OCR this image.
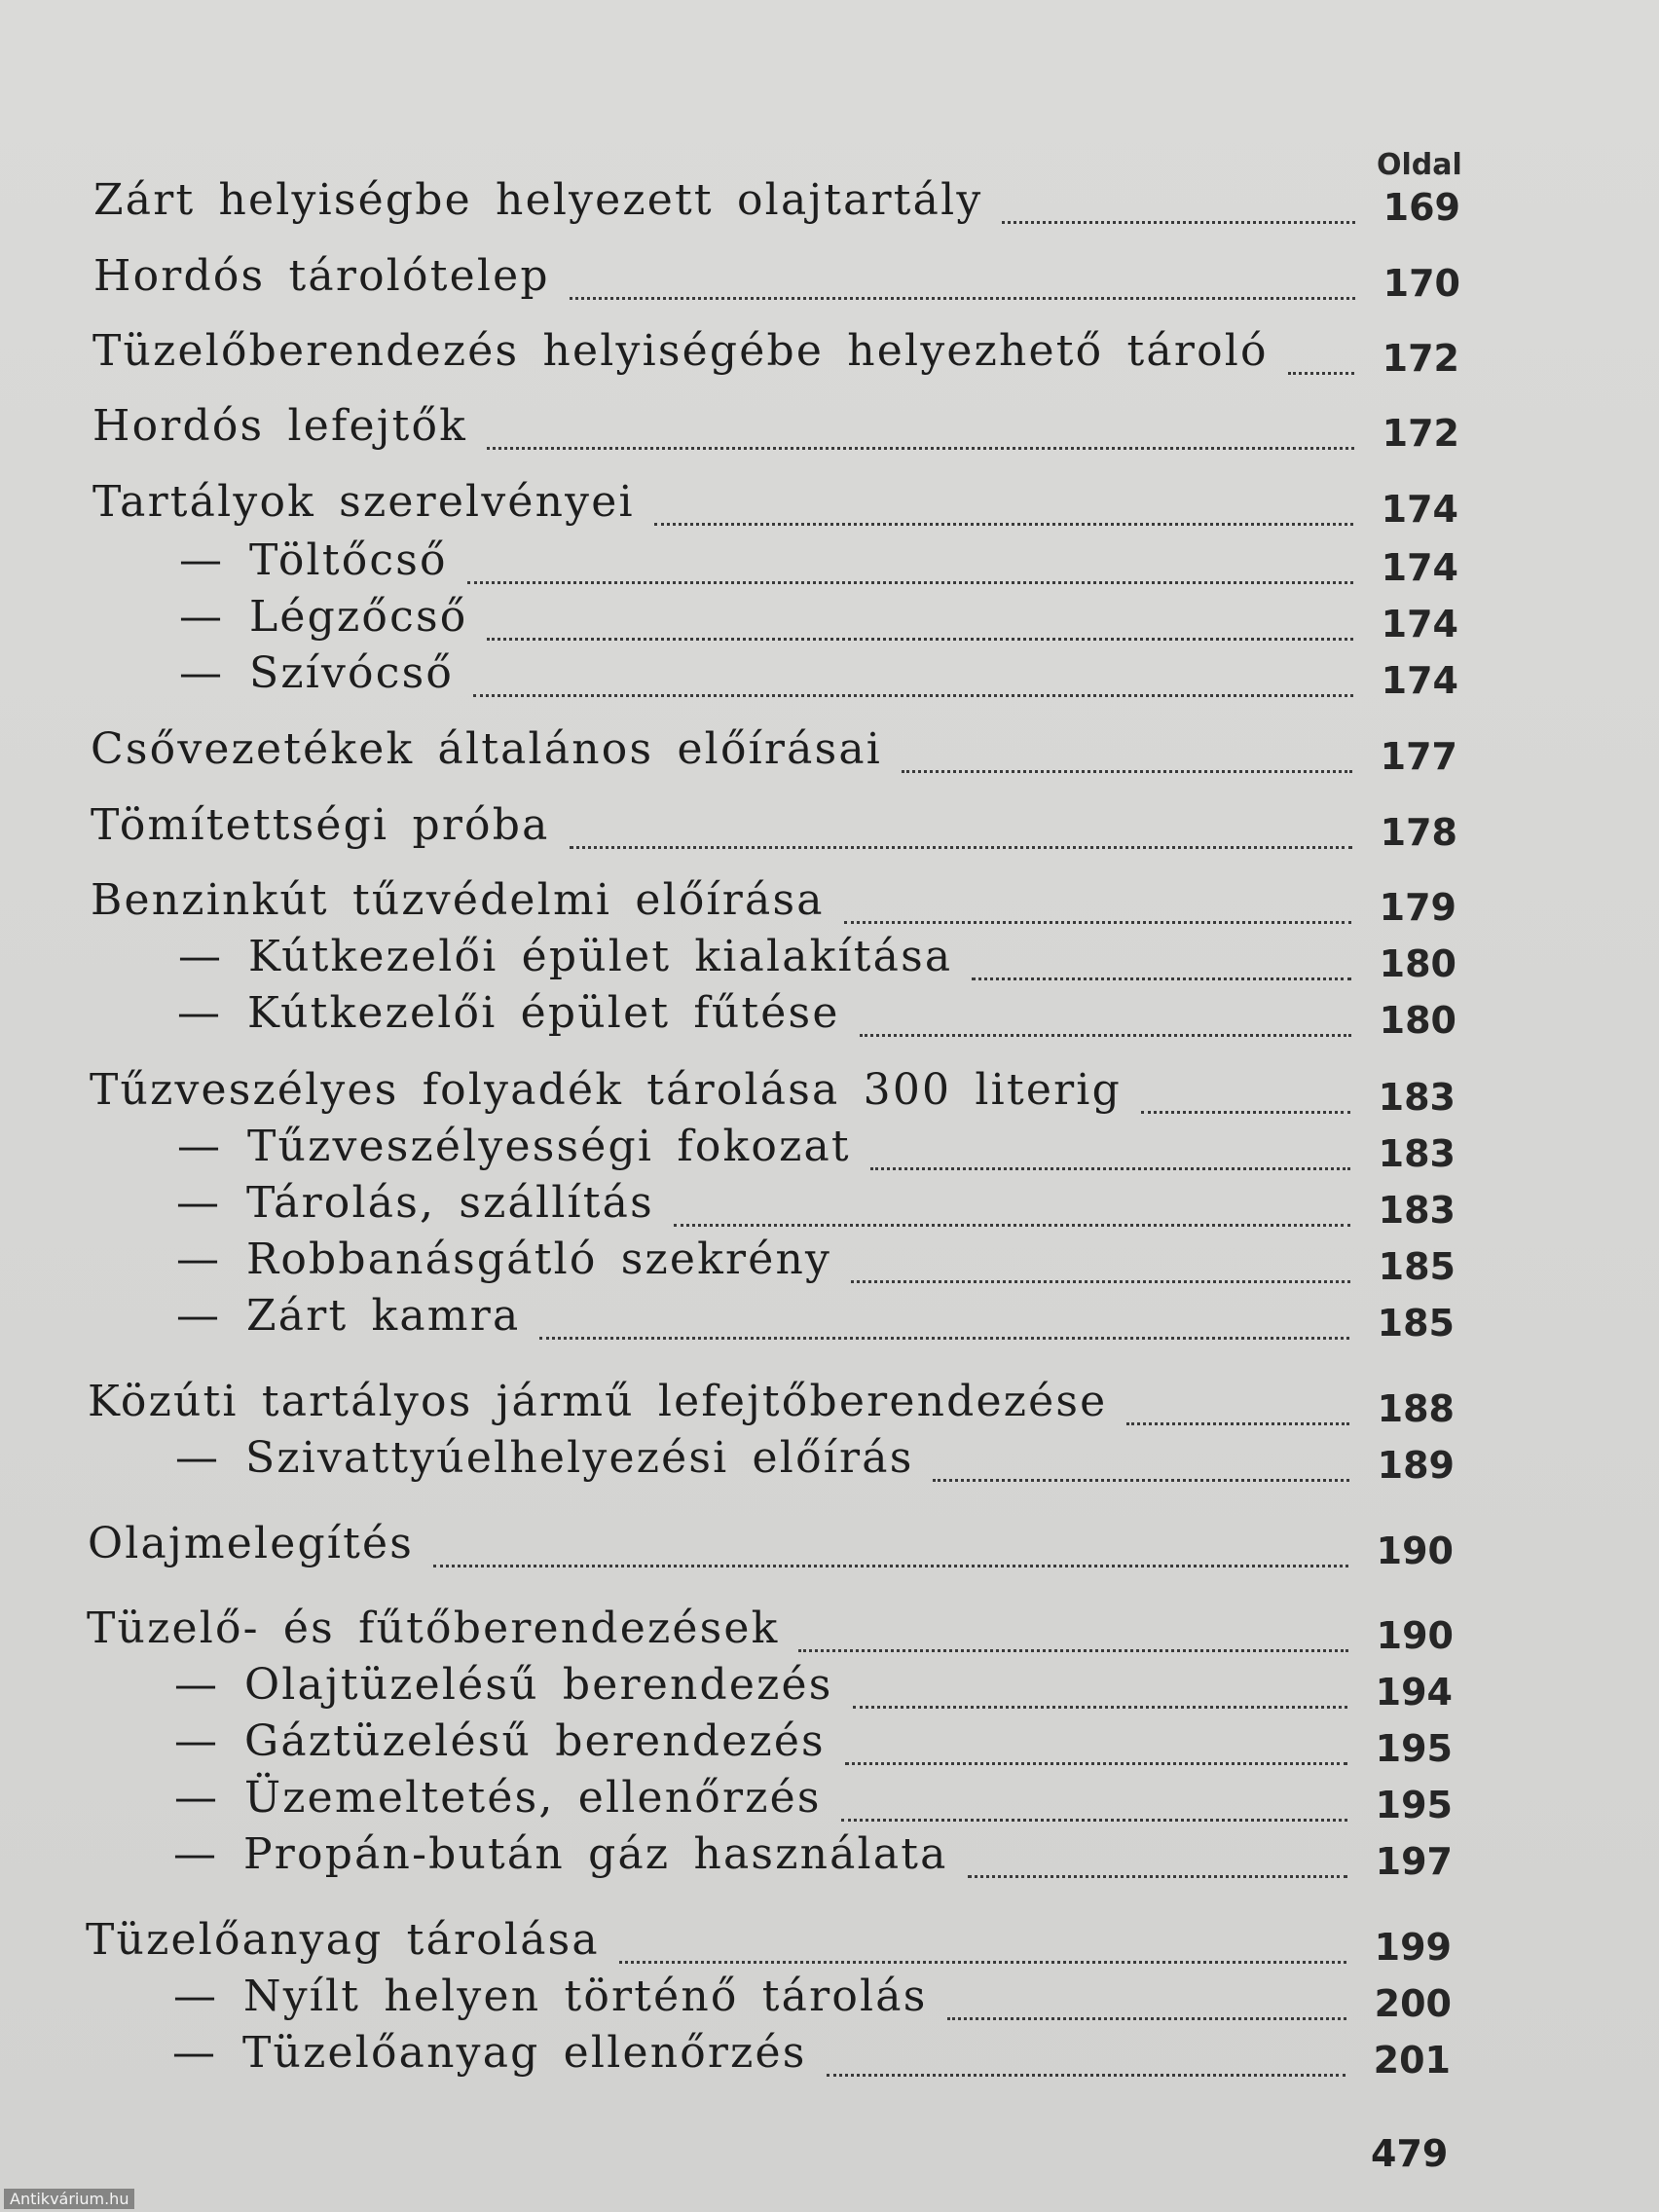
Oldal
Zárt helyiségbe helyezett olajtartály	169
Hordós tárolótelep	170
Tüzelőberendezés helyiségébe helyezhető tároló	172
Hordós lefejtők	172
Tartályok szerelvényei	174
— Töltőcső	174
— Légzőcső	174
— Szívócső	174
Csővezetékek általános előírásai	177
Tömítettségi próba	178
Benzinkút tűzvédelmi előírása	179
— Kútkezelői épület kialakítása	180
— Kútkezelői épület fűtése	180
Tűzveszélyes folyadék tárolása 300 literig	183
— Tűzveszélyességi fokozat	183
— Tárolás, szállítás	183
— Robbanásgátló szekrény	185
— Zárt kamra	185
Közúti tartályos jármű lefejtőberendezése	188
— Szivattyúelhelyezési előírás	189
Olajmelegítés	190
Tüzelő- és fűtőberendezések	190
— Olajtüzelésű berendezés	194
— Gáztüzelésű berendezés	195
— Üzemeltetés, ellenőrzés	195
— Propán-bután gáz használata	197
Tüzelőanyag tárolása	199
— Nyílt helyen történő tárolás	200
— Tüzelőanyag ellenőrzés	201
479
Antikvárium.hu
